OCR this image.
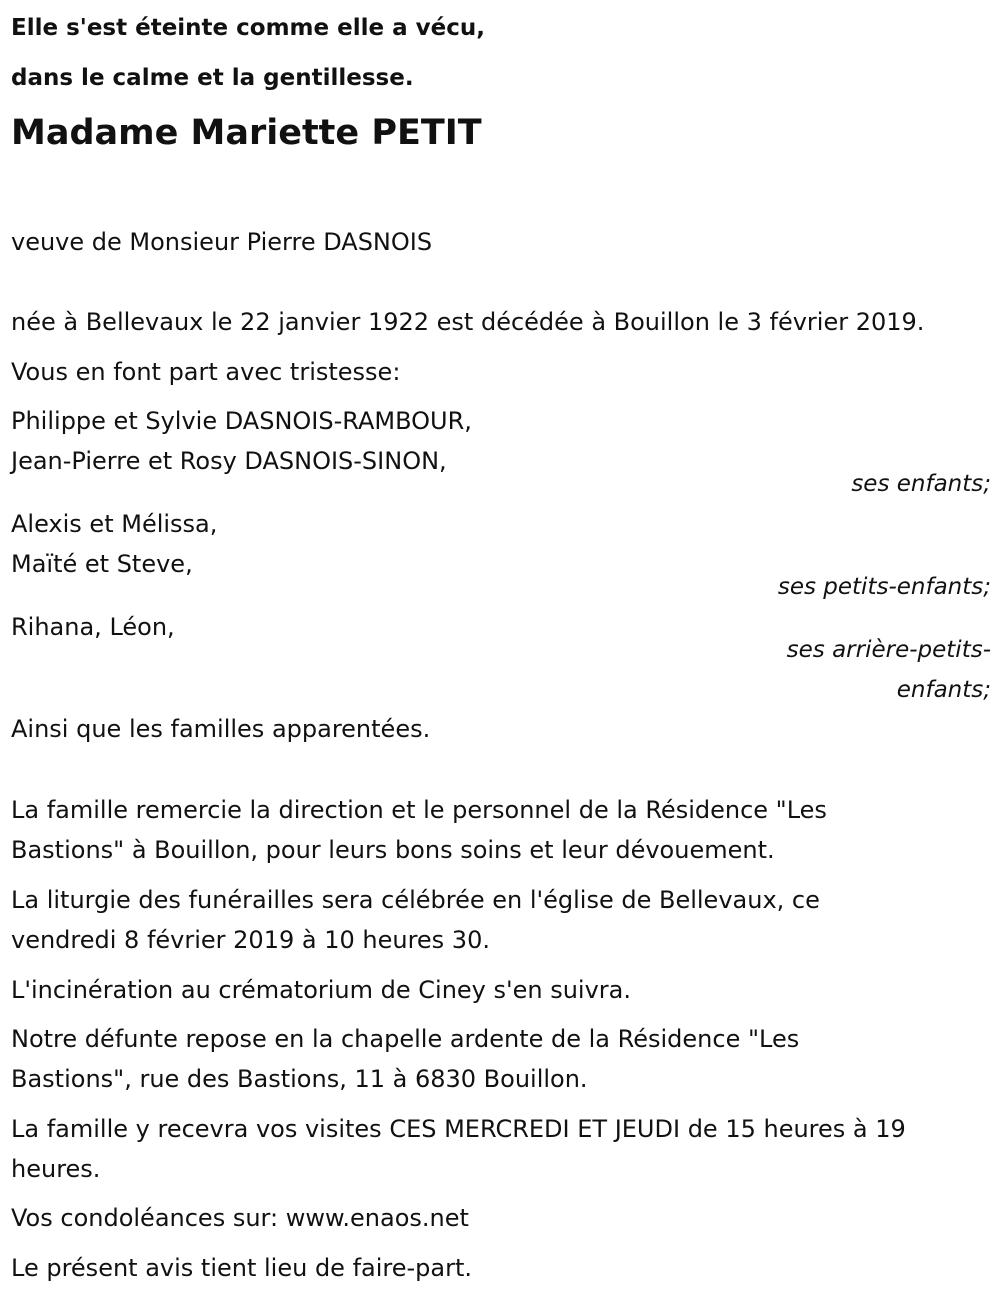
Elle s'est éteinte comme elle a vécu,
dans le calme et la gentillesse.
Madame Mariette PETIT
veuve de Monsieur Pierre DASNOIS
née à Bellevaux le 22 janvier 1922 est décédée à Bouillon le 3 février 2019.
Vous en font part avec tristesse:
Philippe et Sylvie DASNOIS-RAMBOUR,
Jean-Pierre et Rosy DASNOIS-SINON,
ses enfants;
Alexis et Mélissa,
Maïté et Steve,
ses petits-enfants;
Rihana, Léon,
ses arrière-petits-
enfants;
Ainsi que les familles apparentées.
La famille remercie la direction et le personnel de la Résidence "Les
Bastions" à Bouillon, pour leurs bons soins et leur dévouement.
La liturgie des funérailles sera célébrée en l'église de Bellevaux, ce
vendredi 8 février 2019 à 10 heures 30.
L'incinération au crématorium de Ciney s'en suivra.
Notre défunte repose en la chapelle ardente de la Résidence "Les
Bastions", rue des Bastions, 11 à 6830 Bouillon.
La famille y recevra vos visites CES MERCREDI ET JEUDI de 15 heures à 19
heures.
Vos condoléances sur: www.enaos.net
Le présent avis tient lieu de faire-part.
